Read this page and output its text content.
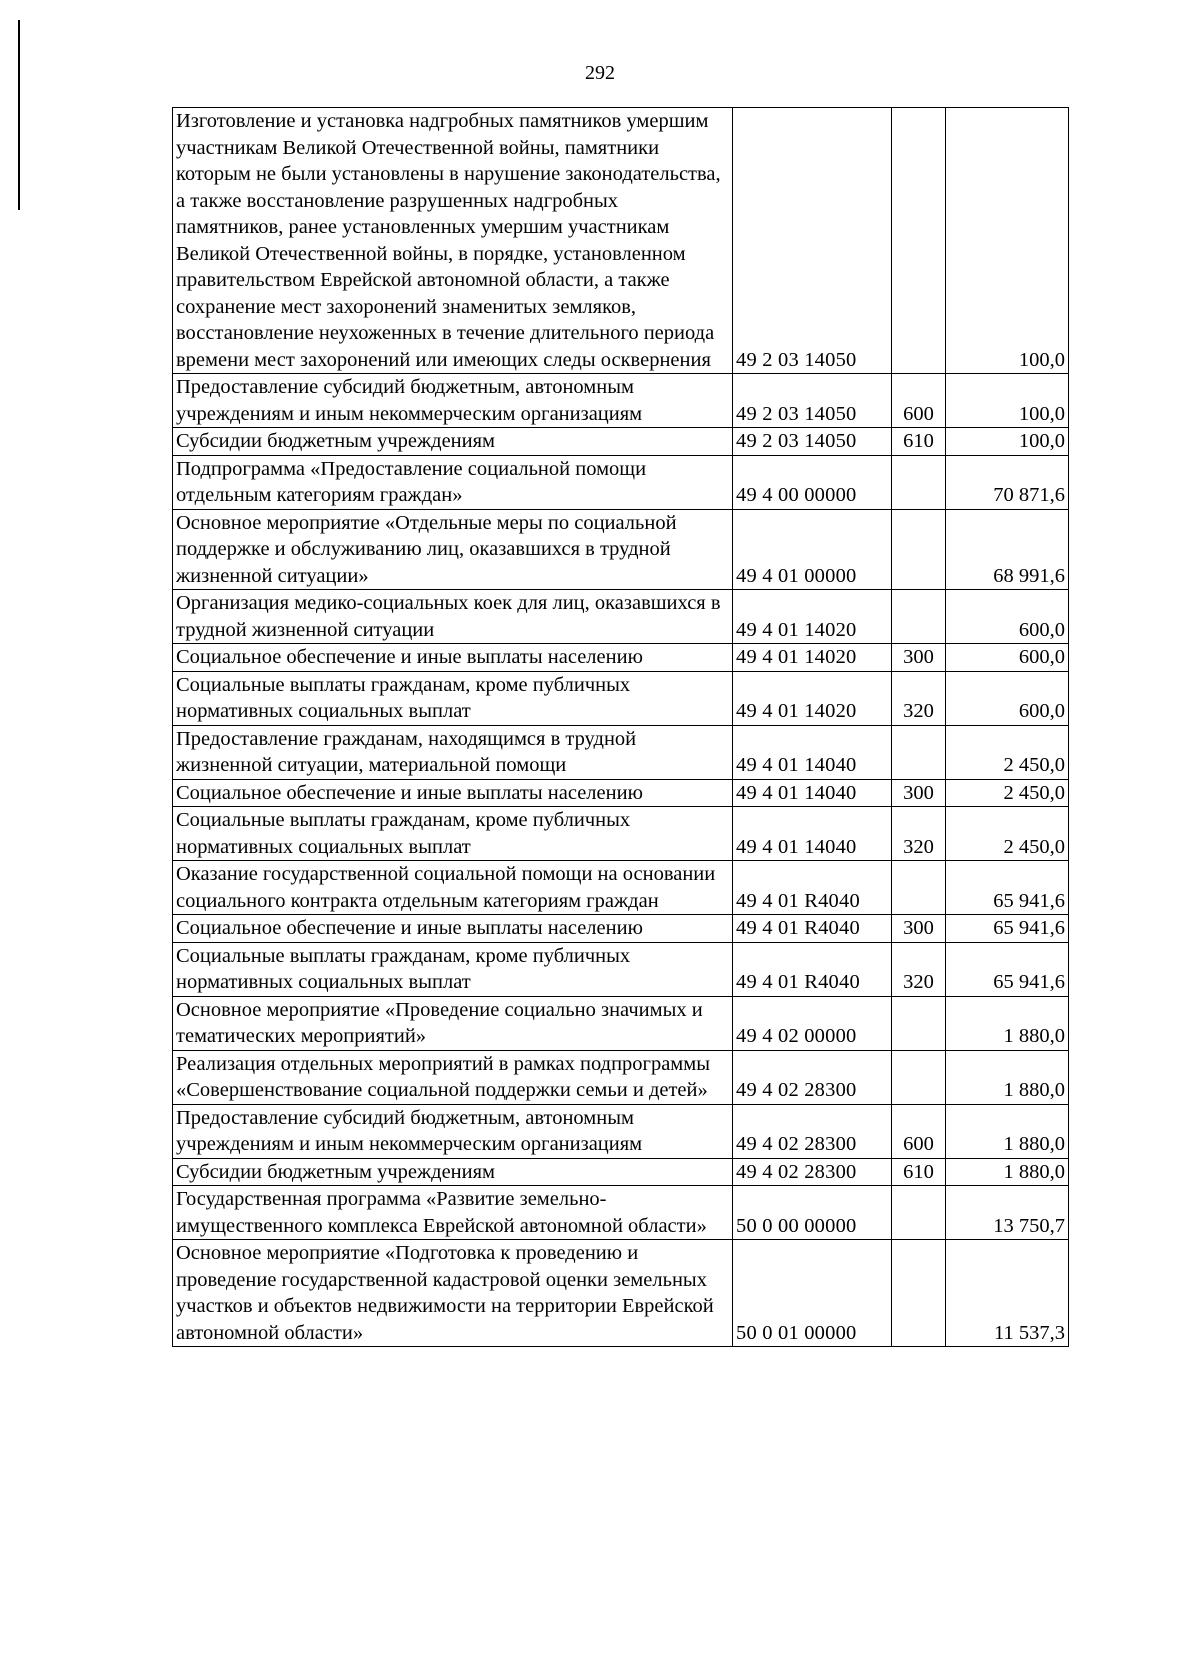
292
Изготовление и установка надгробных памятников умершим участникам Великой Отечественной войны, памятники которым не были установлены в нарушение законодательства, а также восстановление разрушенных надгробных памятников, ранее установленных умершим участникам Великой Отечественной войны, в порядке, установленном правительством Еврейской автономной области, а также сохранение мест захоронений знаменитых земляков, восстановление неухоженных в течение длительного периода времени мест захоронений или имеющих следы осквернения	49 2 03 14050		100,0
Предоставление субсидий бюджетным, автономным учреждениям и иным некоммерческим организациям	49 2 03 14050	600	100,0
Субсидии бюджетным учреждениям	49 2 03 14050	610	100,0
Подпрограмма «Предоставление социальной помощи отдельным категориям граждан»	49 4 00 00000		70 871,6
Основное мероприятие «Отдельные меры по социальной поддержке и обслуживанию лиц, оказавшихся в трудной жизненной ситуации»	49 4 01 00000		68 991,6
Организация медико-социальных коек для лиц, оказавшихся в трудной жизненной ситуации	49 4 01 14020		600,0
Социальное обеспечение и иные выплаты населению	49 4 01 14020	300	600,0
Социальные выплаты гражданам, кроме публичных нормативных социальных выплат	49 4 01 14020	320	600,0
Предоставление гражданам, находящимся в трудной жизненной ситуации, материальной помощи	49 4 01 14040		2 450,0
Социальное обеспечение и иные выплаты населению	49 4 01 14040	300	2 450,0
Социальные выплаты гражданам, кроме публичных нормативных социальных выплат	49 4 01 14040	320	2 450,0
Оказание государственной социальной помощи на основании социального контракта отдельным категориям граждан	49 4 01 R4040		65 941,6
Социальное обеспечение и иные выплаты населению	49 4 01 R4040	300	65 941,6
Социальные выплаты гражданам, кроме публичных нормативных социальных выплат	49 4 01 R4040	320	65 941,6
Основное мероприятие «Проведение социально значимых и тематических мероприятий»	49 4 02 00000		1 880,0
Реализация отдельных мероприятий в рамках подпрограммы «Совершенствование социальной поддержки семьи и детей»	49 4 02 28300		1 880,0
Предоставление субсидий бюджетным, автономным учреждениям и иным некоммерческим организациям	49 4 02 28300	600	1 880,0
Субсидии бюджетным учреждениям	49 4 02 28300	610	1 880,0
Государственная программа «Развитие земельно-имущественного комплекса Еврейской автономной области»	50 0 00 00000		13 750,7
Основное мероприятие «Подготовка к проведению и проведение государственной кадастровой оценки земельных участков и объектов недвижимости на территории Еврейской автономной области»	50 0 01 00000		11 537,3
